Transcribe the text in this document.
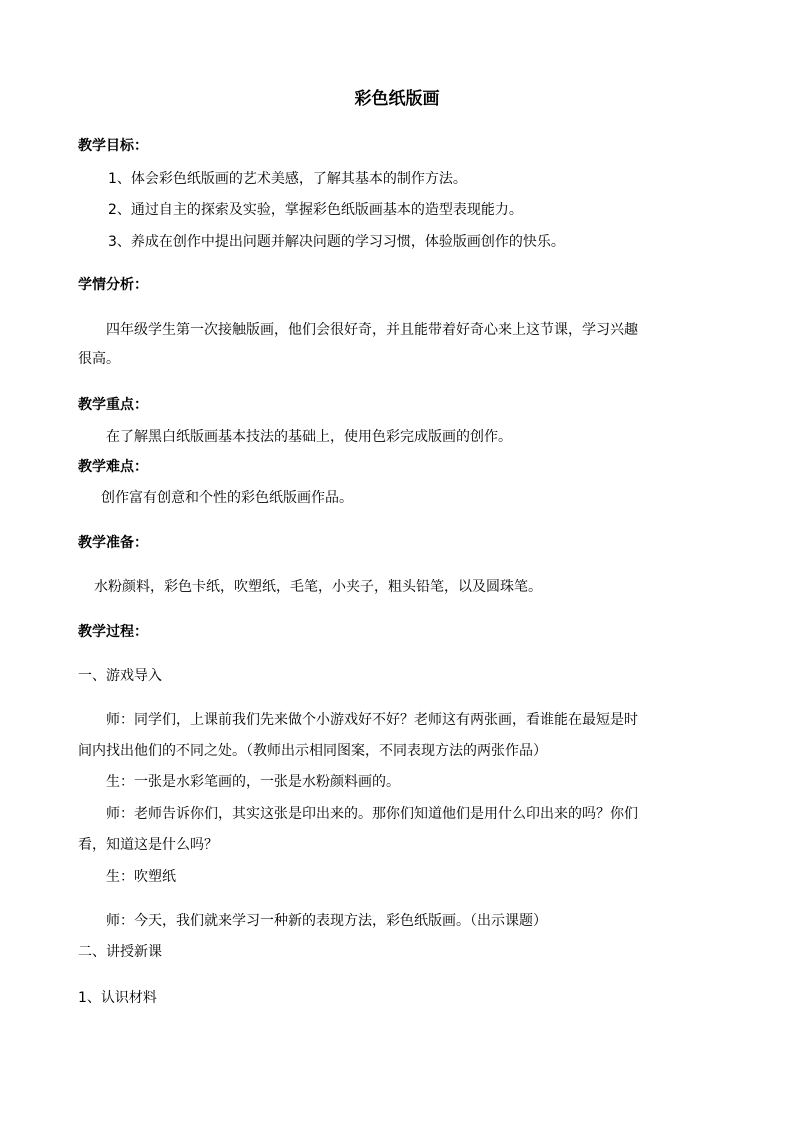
彩色纸版画
教学目标：
1、体会彩色纸版画的艺术美感，了解其基本的制作方法。
2、通过自主的探索及实验，掌握彩色纸版画基本的造型表现能力。
3、养成在创作中提出问题并解决问题的学习习惯，体验版画创作的快乐。
学情分析：
四年级学生第一次接触版画，他们会很好奇，并且能带着好奇心来上这节课，学习兴趣
很高。
教学重点：
在了解黑白纸版画基本技法的基础上，使用色彩完成版画的创作。
教学难点：
创作富有创意和个性的彩色纸版画作品。
教学准备：
水粉颜料，彩色卡纸，吹塑纸，毛笔，小夹子，粗头铅笔，以及圆珠笔。
教学过程：
一、游戏导入
师：同学们，上课前我们先来做个小游戏好不好？老师这有两张画，看谁能在最短是时
间内找出他们的不同之处。（教师出示相同图案，不同表现方法的两张作品）
生：一张是水彩笔画的，一张是水粉颜料画的。
师：老师告诉你们，其实这张是印出来的。那你们知道他们是用什么印出来的吗？你们
看，知道这是什么吗？
生：吹塑纸
师：今天，我们就来学习一种新的表现方法，彩色纸版画。（出示课题）
二、讲授新课
1、认识材料
